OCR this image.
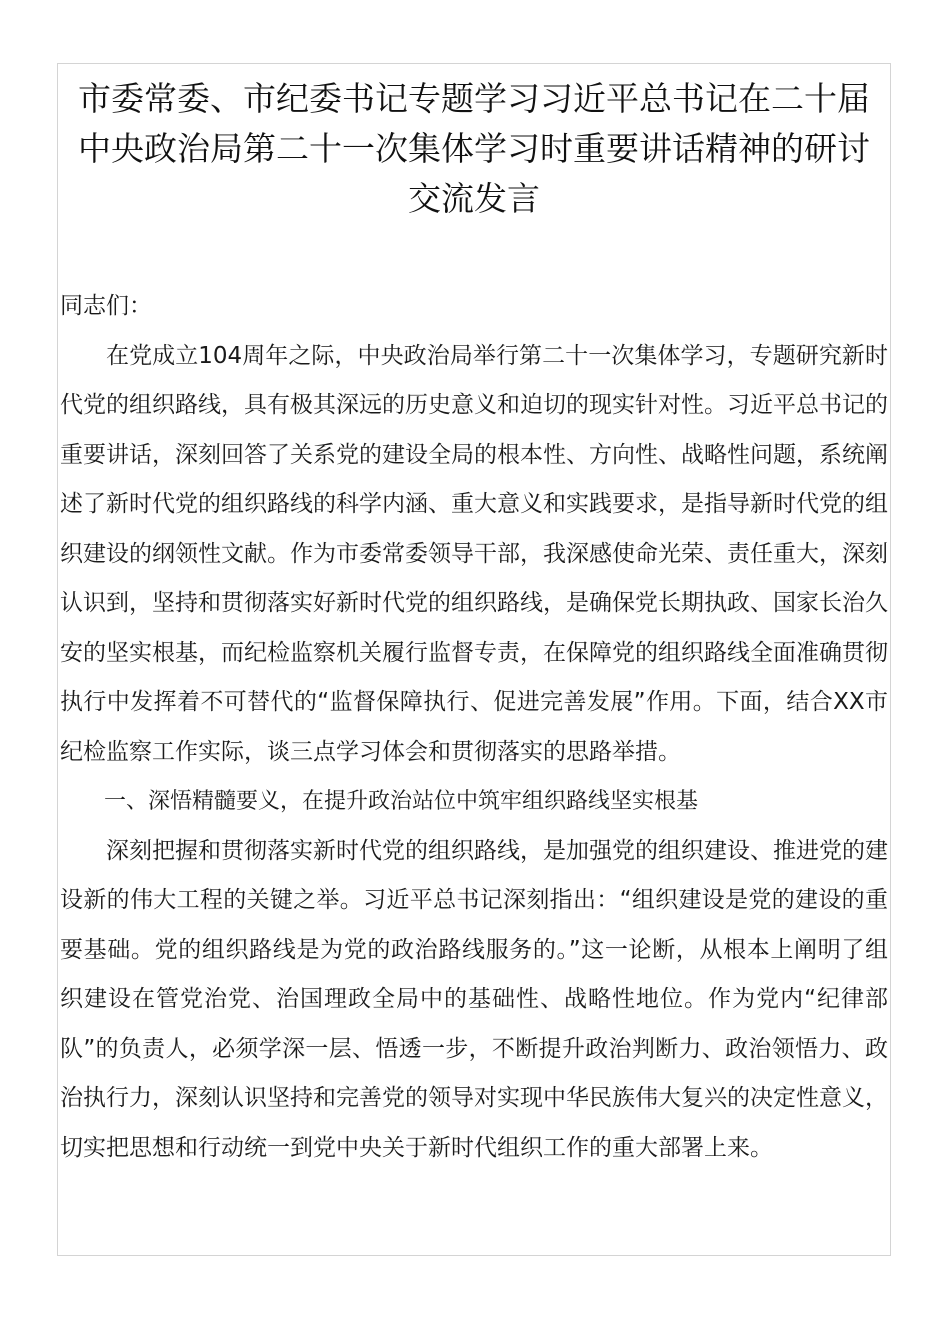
市委常委、市纪委书记专题学习习近平总书记在二十届中央政治局第二十一次集体学习时重要讲话精神的研讨交流发言

同志们：

在党成立104周年之际，中央政治局举行第二十一次集体学习，专题研究新时代党的组织路线，具有极其深远的历史意义和迫切的现实针对性。习近平总书记的重要讲话，深刻回答了关系党的建设全局的根本性、方向性、战略性问题，系统阐述了新时代党的组织路线的科学内涵、重大意义和实践要求，是指导新时代党的组织建设的纲领性文献。作为市委常委领导干部，我深感使命光荣、责任重大，深刻认识到，坚持和贯彻落实好新时代党的组织路线，是确保党长期执政、国家长治久安的坚实根基，而纪检监察机关履行监督专责，在保障党的组织路线全面准确贯彻执行中发挥着不可替代的“监督保障执行、促进完善发展”作用。下面，结合XX市纪检监察工作实际，谈三点学习体会和贯彻落实的思路举措。

一、深悟精髓要义，在提升政治站位中筑牢组织路线坚实根基

深刻把握和贯彻落实新时代党的组织路线，是加强党的组织建设、推进党的建设新的伟大工程的关键之举。习近平总书记深刻指出：“组织建设是党的建设的重要基础。党的组织路线是为党的政治路线服务的。”这一论断，从根本上阐明了组织建设在管党治党、治国理政全局中的基础性、战略性地位。作为党内“纪律部队”的负责人，必须学深一层、悟透一步，不断提升政治判断力、政治领悟力、政治执行力，深刻认识坚持和完善党的领导对实现中华民族伟大复兴的决定性意义，切实把思想和行动统一到党中央关于新时代组织工作的重大部署上来。
